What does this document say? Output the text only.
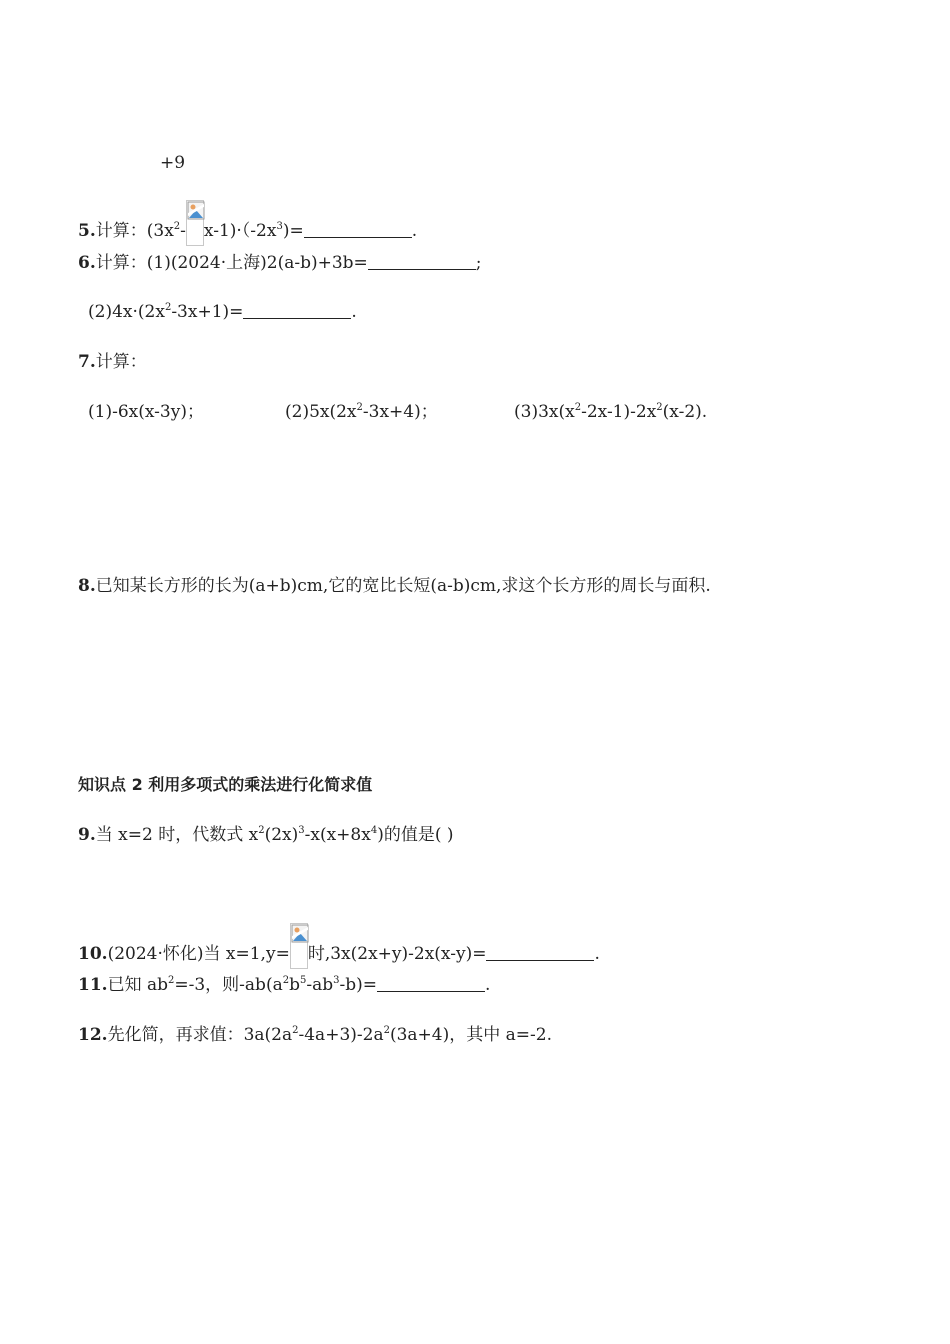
+9
5.计算：($3x^2-$ $x-1)\cdot(-2x^3)=$	.
6.计算：(1)(2024·上海)2(a-b)+3b=	;
$(2)4x\cdot(2x^2-3x+1)=$	.
7.计算：
(1)-6x(x-3y)；	$(2)5x(2x^2-3x+4)$；	$(3)3x(x^2-2x-1)-2x^2(x-2)$.
8.已知某长方形的长为(a+b)cm,它的宽比长短(a-b)cm,求这个长方形的周长与面积.
知识点 2 利用多项式的乘法进行化简求值
9.当 x=2 时，代数式 $x^2(2x)^3-x(x+8x^4)$的值是( )
10.(2024·怀化)当 x=1,y= 时,3x(2x+y)-2x(x-y)=	.
11.已知 $ab^2=-3$，则$-ab(a^2b^5-ab^3-b)=$	.
12.先化简，再求值：$3a(2a^2-4a+3)-2a^2(3a+4)$，其中 a=-2.
